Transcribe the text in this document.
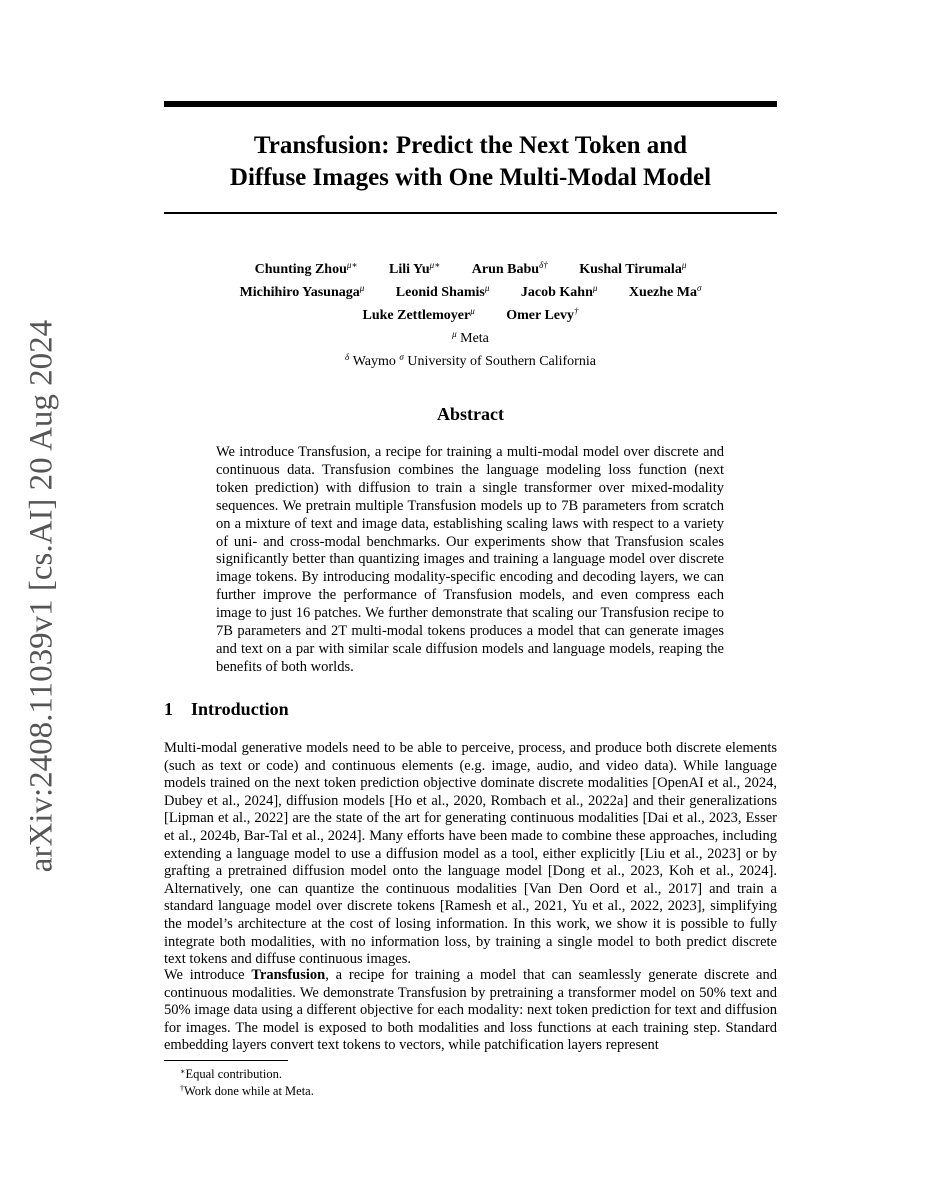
arXiv:2408.11039v1 [cs.AI] 20 Aug 2024
Transfusion: Predict the Next Token and
Diffuse Images with One Multi-Modal Model
Chunting Zhou$^{\mu∗}$ Lili $Yu^{\mu∗}$ Arun Babu$^{\delta\dagger}$ Kushal Tirumala$^\mu$
Michihiro Yasunaga$^\mu$ Leonid Shamis$^\mu$ Jacob Kahn$^\mu$ Xuezhe $Ma^\sigma$
Luke Zettlemoyer$^\mu$ Omer Levy†
$^\mu$ Meta
$^\delta$ Waymo $^\sigma$ University of Southern California
Abstract
We introduce Transfusion, a recipe for training a multi-modal model over discrete and continuous data. Transfusion combines the language modeling loss function (next token prediction) with diffusion to train a single transformer over mixed-modality sequences. We pretrain multiple Transfusion models up to 7B parameters from scratch on a mixture of text and image data, establishing scaling laws with respect to a variety of uni- and cross-modal benchmarks. Our experiments show that Transfusion scales significantly better than quantizing images and training a language model over discrete image tokens. By introducing modality-specific encoding and decoding layers, we can further improve the performance of Transfusion models, and even compress each image to just 16 patches. We further demonstrate that scaling our Transfusion recipe to 7B parameters and 2T multi-modal tokens produces a model that can generate images and text on a par with similar scale diffusion models and language models, reaping the benefits of both worlds.
1 Introduction
Multi-modal generative models need to be able to perceive, process, and produce both discrete elements (such as text or code) and continuous elements (e.g. image, audio, and video data). While language models trained on the next token prediction objective dominate discrete modalities [OpenAI et al., 2024, Dubey et al., 2024], diffusion models [Ho et al., 2020, Rombach et al., 2022a] and their generalizations [Lipman et al., 2022] are the state of the art for generating continuous modalities [Dai et al., 2023, Esser et al., 2024b, Bar-Tal et al., 2024]. Many efforts have been made to combine these approaches, including extending a language model to use a diffusion model as a tool, either explicitly [Liu et al., 2023] or by grafting a pretrained diffusion model onto the language model [Dong et al., 2023, Koh et al., 2024]. Alternatively, one can quantize the continuous modalities [Van Den Oord et al., 2017] and train a standard language model over discrete tokens [Ramesh et al., 2021, Yu et al., 2022, 2023], simplifying the model’s architecture at the cost of losing information. In this work, we show it is possible to fully integrate both modalities, with no information loss, by training a single model to both predict discrete text tokens and diffuse continuous images.
We introduce Transfusion, a recipe for training a model that can seamlessly generate discrete and continuous modalities. We demonstrate Transfusion by pretraining a transformer model on 50% text and 50% image data using a different objective for each modality: next token prediction for text and diffusion for images. The model is exposed to both modalities and loss functions at each training step. Standard embedding layers convert text tokens to vectors, while patchification layers represent
∗Equal contribution.
†Work done while at Meta.
